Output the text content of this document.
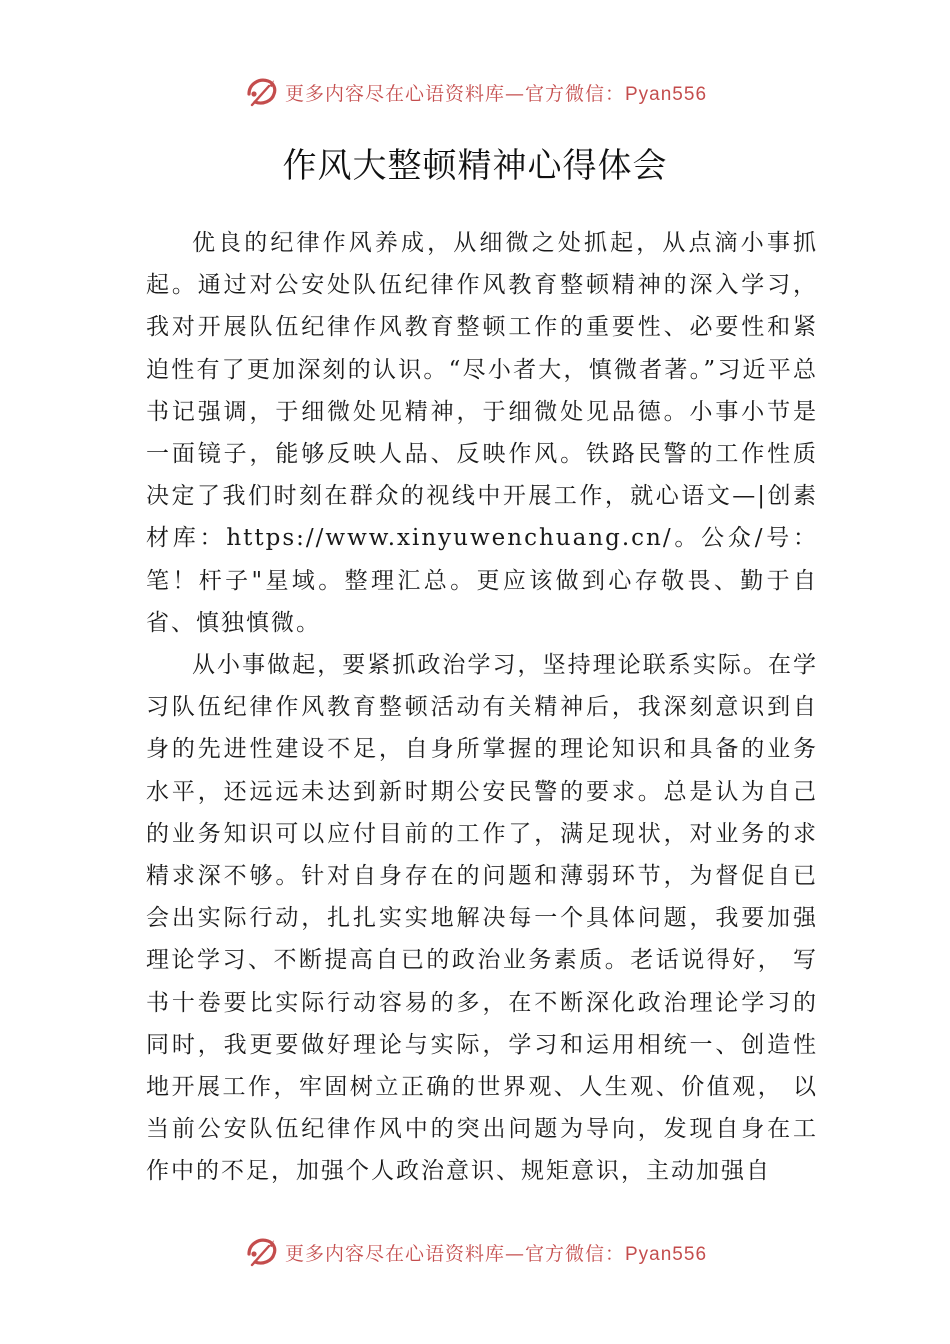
更多内容尽在心语资料库—官方微信：Pyan556
作风大整顿精神心得体会

优良的纪律作风养成，从细微之处抓起，从点滴小事抓起。通过对公安处队伍纪律作风教育整顿精神的深入学习，我对开展队伍纪律作风教育整顿工作的重要性、必要性和紧迫性有了更加深刻的认识。“尽小者大，慎微者著。”习近平总书记强调，于细微处见精神，于细微处见品德。小事小节是一面镜子，能够反映人品、反映作风。铁路民警的工作性质决定了我们时刻在群众的视线中开展工作，就心语文—|创素材库：https://www.xinyuwenchuang.cn/。公众/号：笔！杆子"星域。整理汇总。更应该做到心存敬畏、勤于自省、慎独慎微。

从小事做起，要紧抓政治学习，坚持理论联系实际。在学习队伍纪律作风教育整顿活动有关精神后，我深刻意识到自身的先进性建设不足，自身所掌握的理论知识和具备的业务水平，还远远未达到新时期公安民警的要求。总是认为自己的业务知识可以应付目前的工作了，满足现状，对业务的求精求深不够。针对自身存在的问题和薄弱环节，为督促自已会出实际行动，扎扎实实地解决每一个具体问题，我要加强理论学习、不断提高自已的政治业务素质。老话说得好， 写书十卷要比实际行动容易的多，在不断深化政治理论学习的同时，我更要做好理论与实际，学习和运用相统一、创造性地开展工作，牢固树立正确的世界观、人生观、价值观， 以当前公安队伍纪律作风中的突出问题为导向，发现自身在工作中的不足，加强个人政治意识、规矩意识，主动加强自

更多内容尽在心语资料库—官方微信：Pyan556
